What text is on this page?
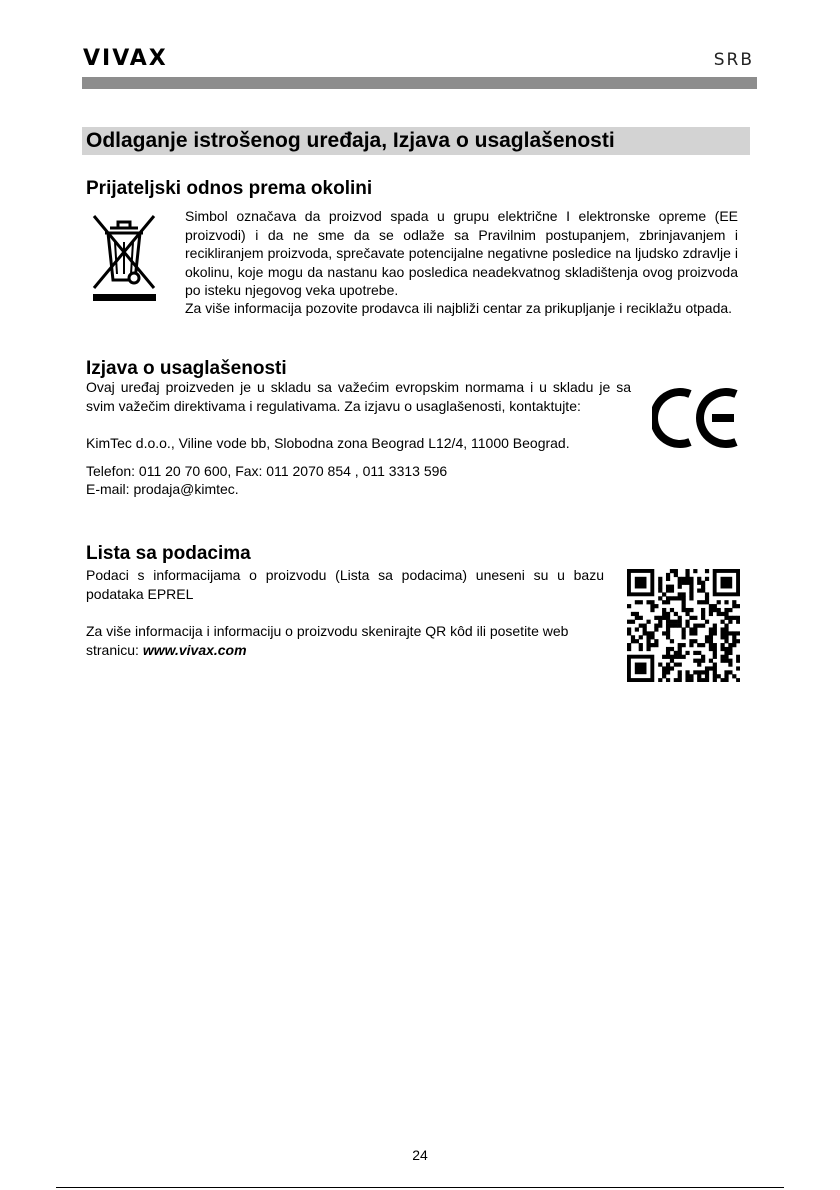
VIVAX	SRB
Odlaganje istrošenog uređaja, Izjava o usaglašenosti
Prijateljski odnos prema okolini

Simbol označava da proizvod spada u grupu električne I elektronske opreme (EE proizvodi) i da ne sme da se odlaže sa Pravilnim postupanjem, zbrinjavanjem i recikliranjem proizvoda, sprečavate potencijalne negativne posledice na ljudsko zdravlje i okolinu, koje mogu da nastanu kao posledica neadekvatnog skladištenja ovog proizvoda po isteku njegovog veka upotrebe.

Za više informacija pozovite prodavca ili najbliži centar za prikupljanje i reciklažu otpada.

Izjava o usaglašenosti

Ovaj uređaj proizveden je u skladu sa važećim evropskim normama i u skladu je sa svim važečim direktivama i regulativama. Za izjavu o usaglašenosti, kontaktujte:

KimTec d.o.o., Viline vode bb, Slobodna zona Beograd L12/4, 11000 Beograd.

Telefon: 011 20 70 600, Fax: 011 2070 854 , 011 3313 596

E-mail: prodaja@kimtec.

Lista sa podacima

Podaci s informacijama o proizvodu (Lista sa podacima) uneseni su u bazu podataka EPREL

Za više informacija i informaciju o proizvodu skenirajte QR kôd ili posetite web stranicu: www.vivax.com

24
